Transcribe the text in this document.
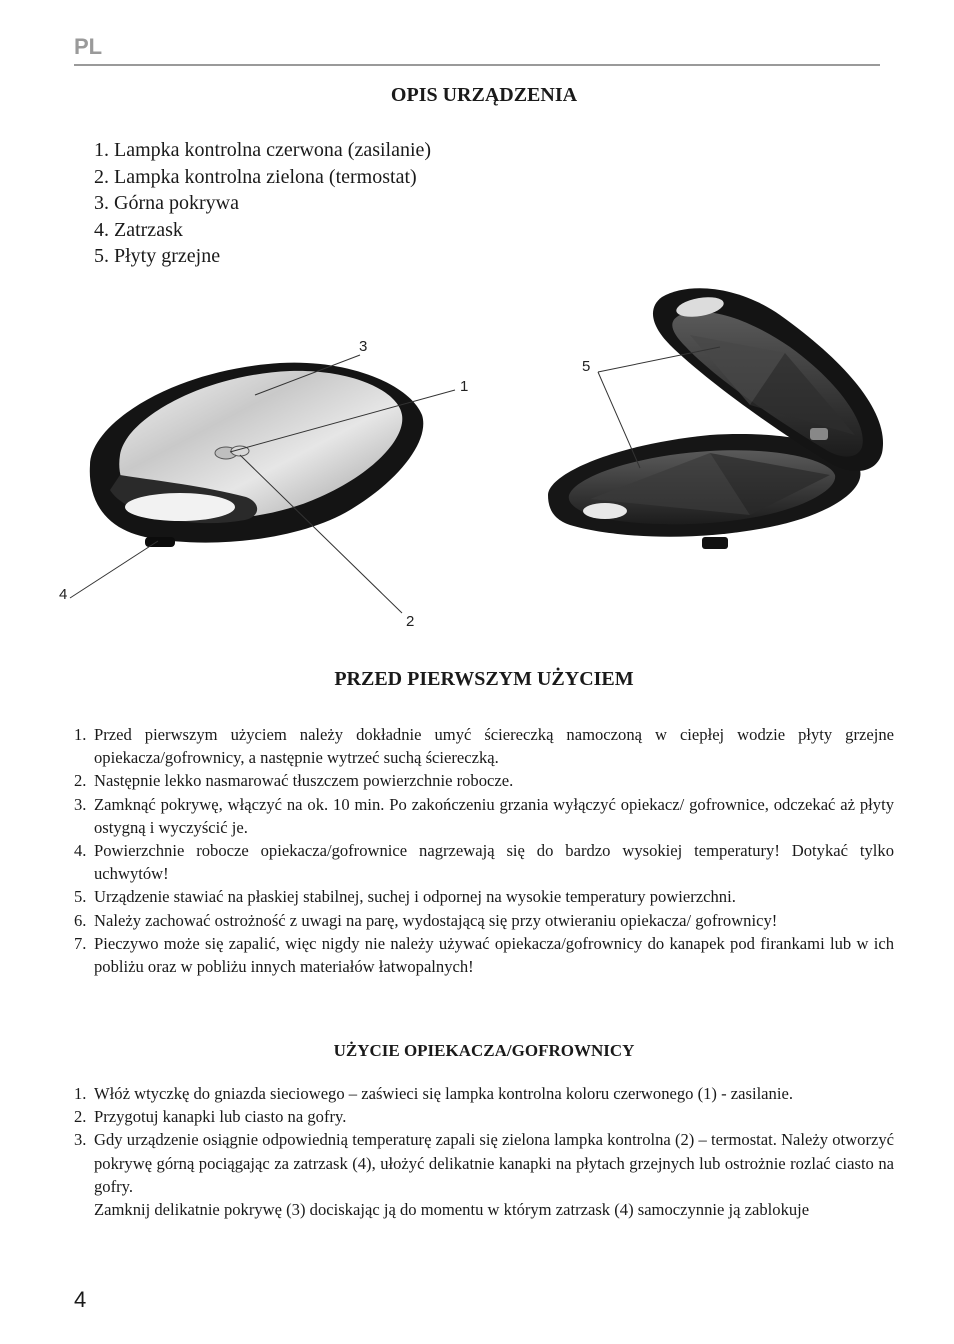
PL
OPIS URZĄDZENIA
1. Lampka kontrolna czerwona (zasilanie)
2. Lampka kontrolna zielona (termostat)
3. Górna pokrywa
4. Zatrzask
5. Płyty grzejne
3
1
4
2
5
PRZED PIERWSZYM UŻYCIEM
1. Przed pierwszym użyciem należy dokładnie umyć ściereczką namoczoną w ciepłej wodzie płyty grzejne opiekacza/gofrownicy, a następnie wytrzeć suchą ściereczką.
2. Następnie lekko nasmarować tłuszczem powierzchnie robocze.
3. Zamknąć pokrywę, włączyć na ok. 10 min. Po zakończeniu grzania wyłączyć opiekacz/ gofrownice, odczekać aż płyty ostygną i wyczyścić je.
4. Powierzchnie robocze opiekacza/gofrownice nagrzewają się do bardzo wysokiej temperatury! Dotykać tylko uchwytów!
5. Urządzenie stawiać na płaskiej stabilnej, suchej i odpornej na wysokie temperatury powierzchni.
6. Należy zachować ostrożność z uwagi na parę, wydostającą się przy otwieraniu opiekacza/ gofrownicy!
7. Pieczywo może się zapalić, więc nigdy nie należy używać opiekacza/gofrownicy do kanapek pod firankami lub w ich pobliżu oraz w pobliżu innych materiałów łatwopalnych!
UŻYCIE OPIEKACZA/GOFROWNICY
1. Włóż wtyczkę do gniazda sieciowego – zaświeci się lampka kontrolna koloru czerwonego (1) - zasilanie.
2. Przygotuj kanapki lub ciasto na gofry.
3. Gdy urządzenie osiągnie odpowiednią temperaturę zapali się zielona lampka kontrolna (2) – termostat. Należy otworzyć pokrywę górną pociągając za zatrzask (4), ułożyć delikatnie kanapki na płytach grzejnych lub ostrożnie rozlać ciasto na gofry.
Zamknij delikatnie pokrywę (3) dociskając ją do momentu w którym zatrzask (4) samoczynnie ją zablokuje
4
